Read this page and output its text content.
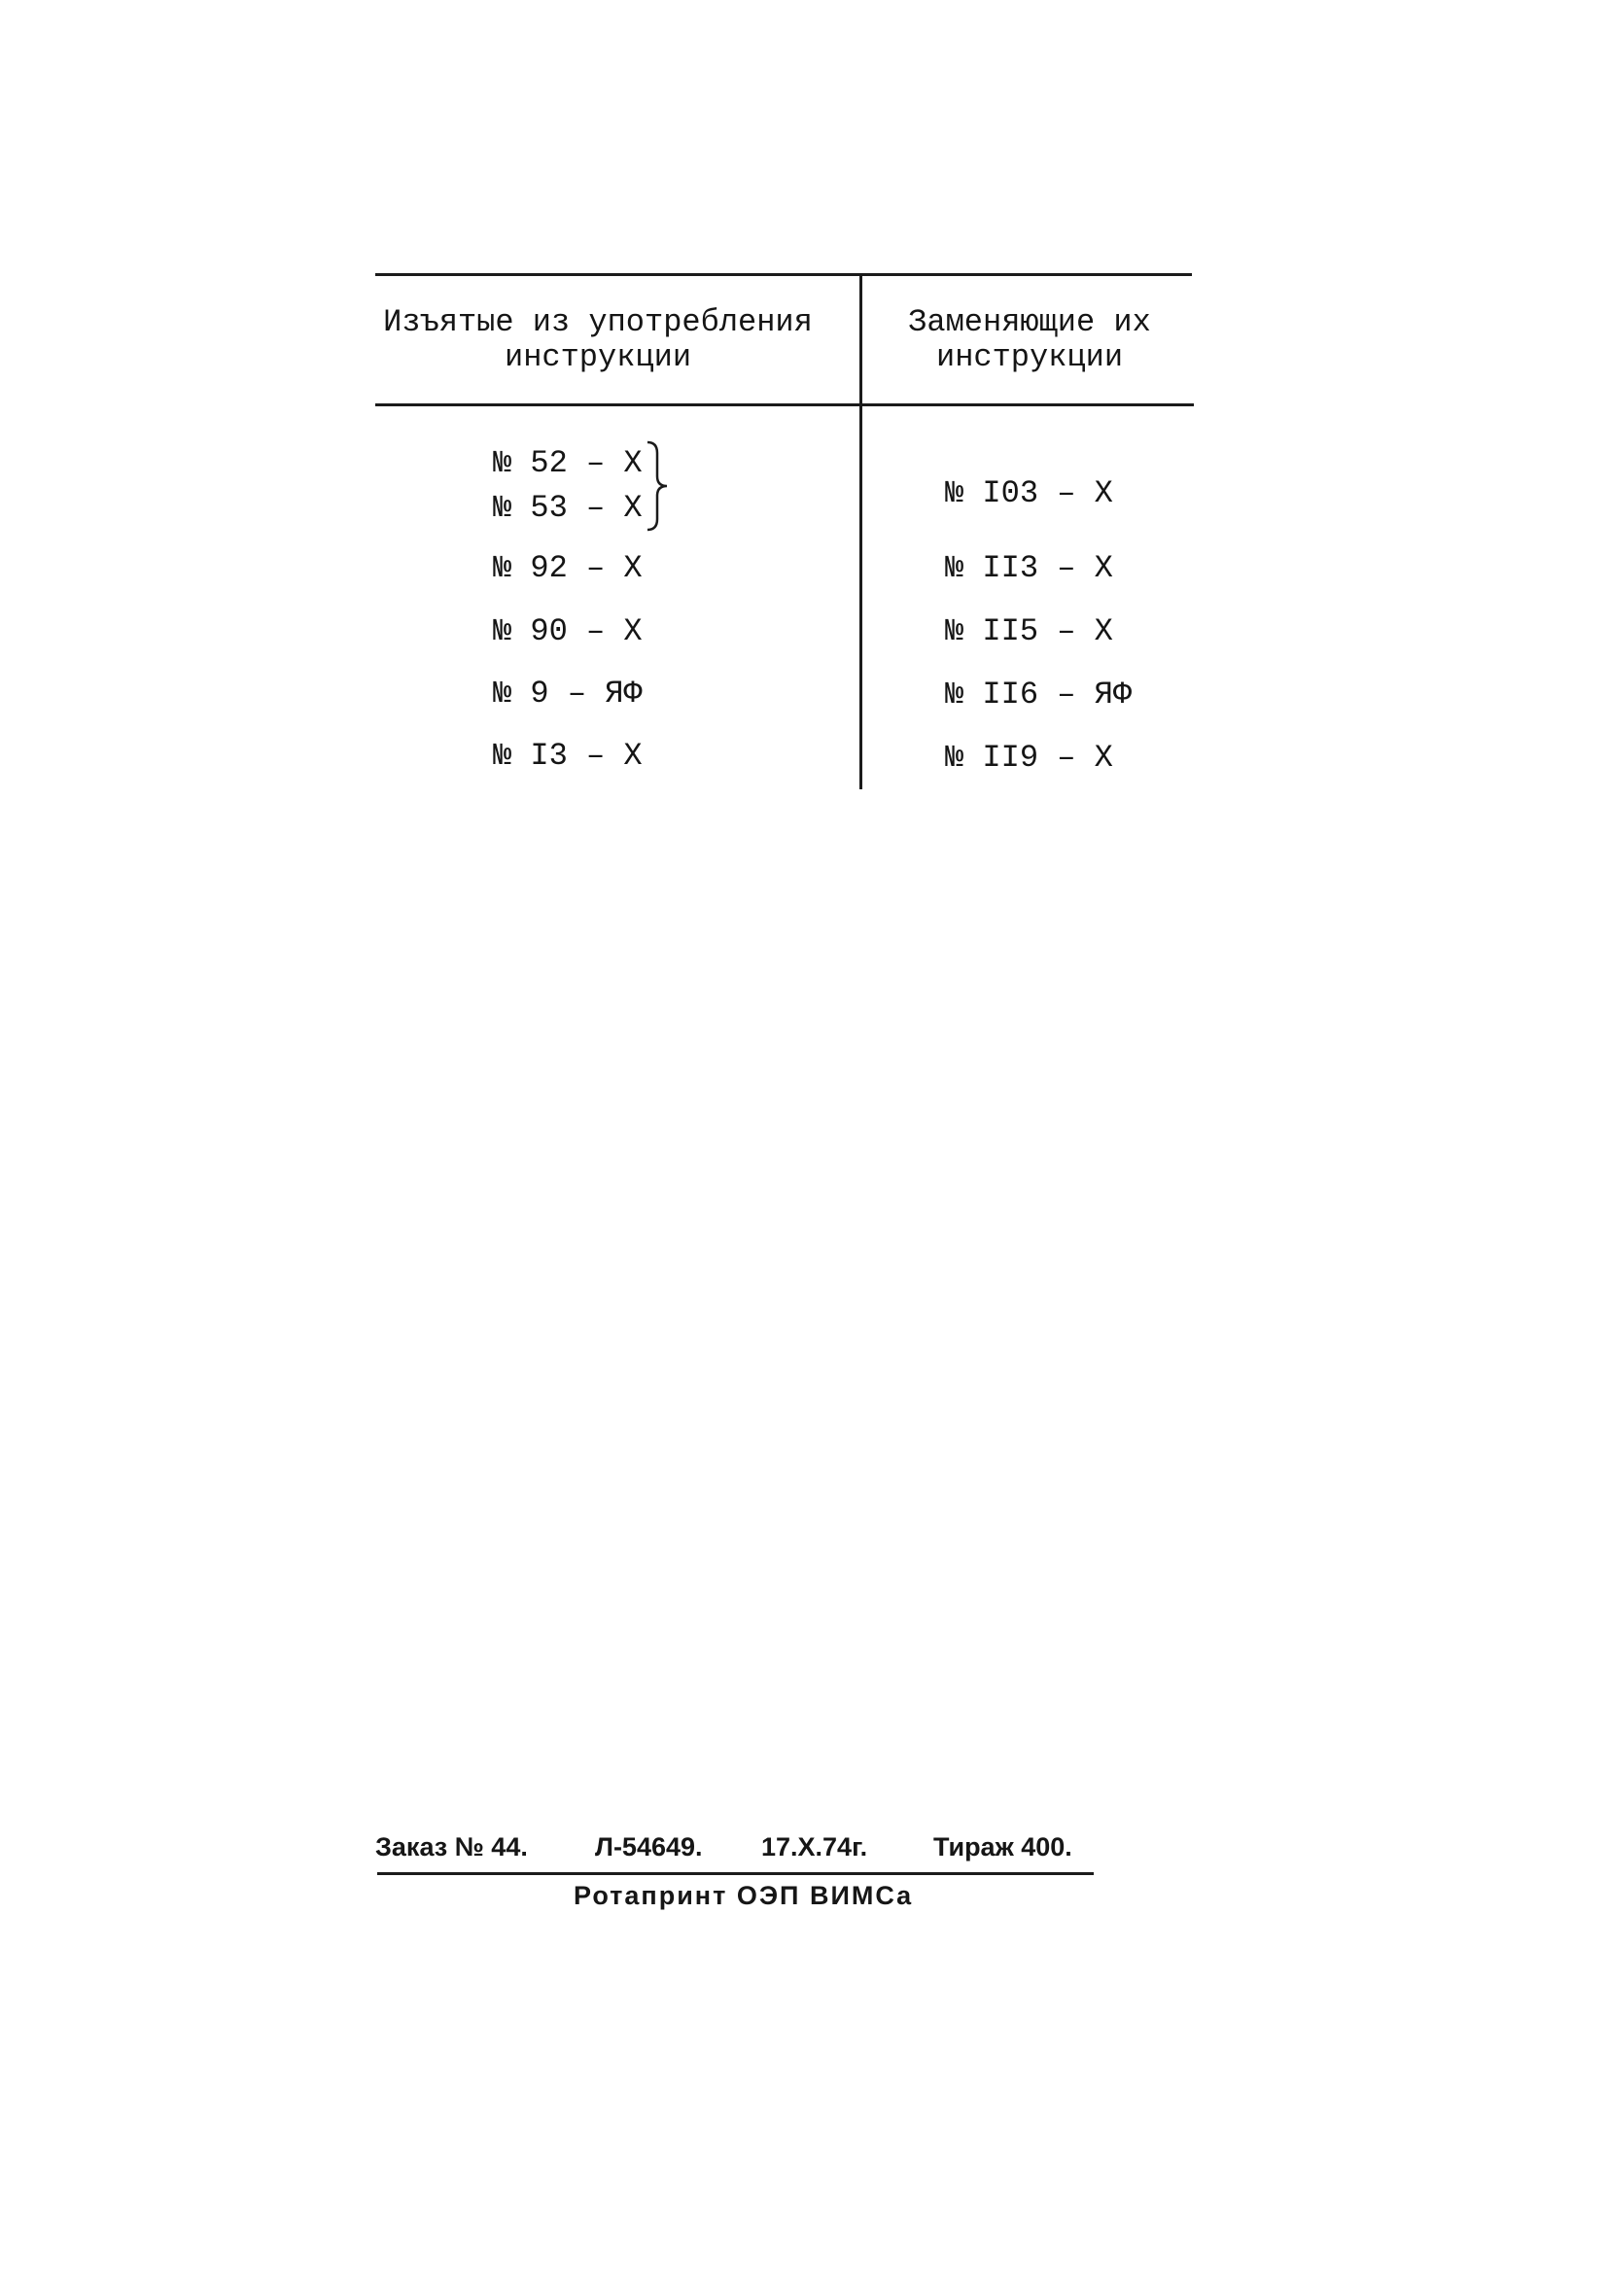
Изъятые из употребления
инструкции
Заменяющие их
инструкции
№ 52 – Х
№ 53 – Х
№ 92 – Х
№ 90 – Х
№ 9 – ЯФ
№ I3 – Х
№ I03 – Х
№ II3 – Х
№ II5 – Х
№ II6 – ЯФ
№ II9 – Х
Заказ № 44.	Л-54649. 17.Х.74г.	Тираж 400.
Ротапринт ОЭП ВИМСа
